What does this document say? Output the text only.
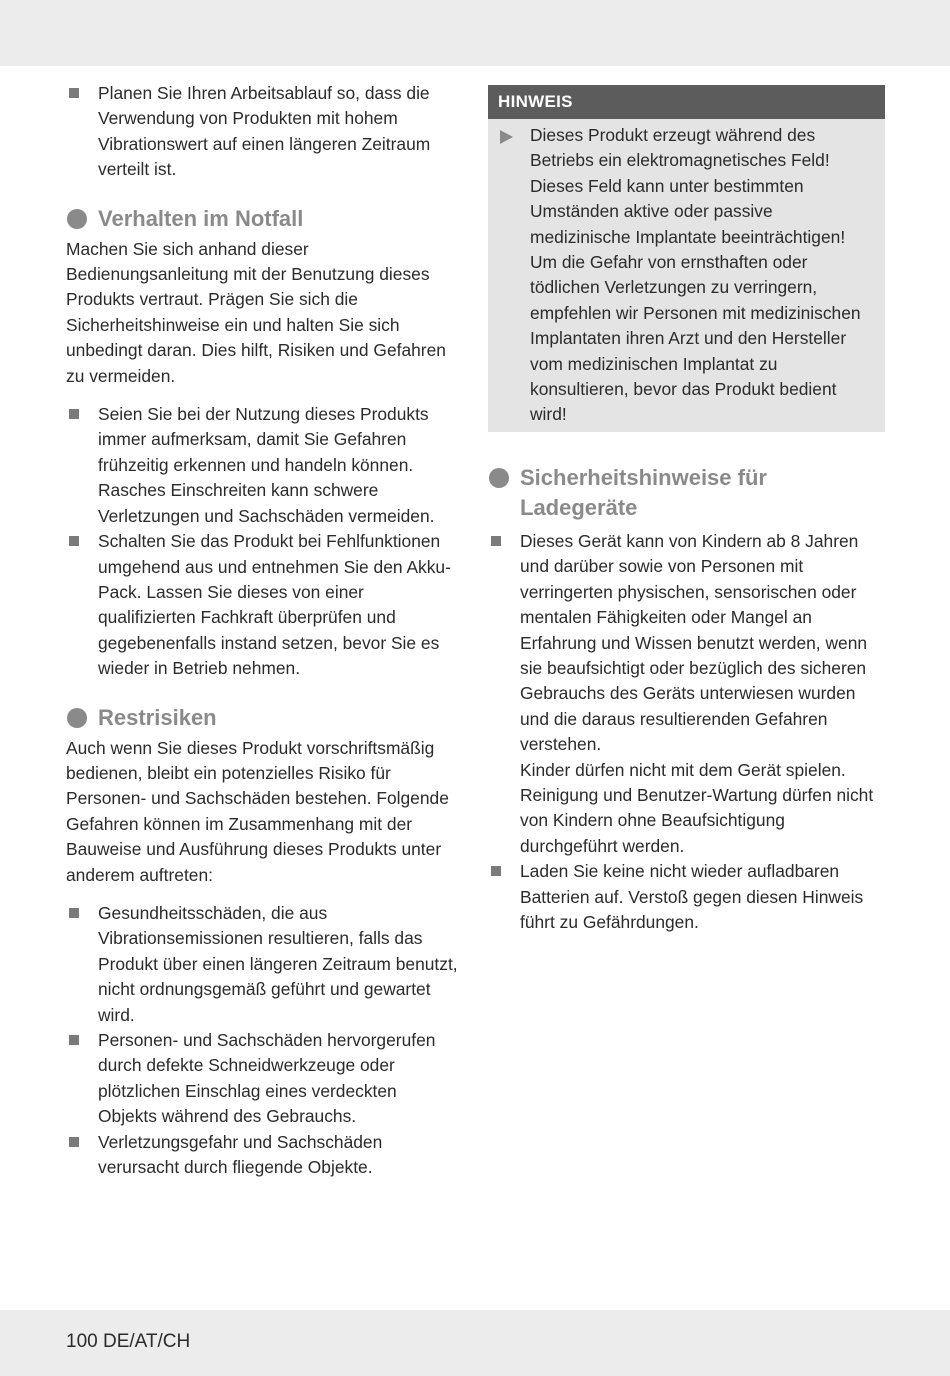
Planen Sie Ihren Arbeitsablauf so, dass die Verwendung von Produkten mit hohem Vibrationswert auf einen längeren Zeitraum verteilt ist.
Verhalten im Notfall

Machen Sie sich anhand dieser Bedienungsanleitung mit der Benutzung dieses Produkts vertraut. Prägen Sie sich die Sicherheitshinweise ein und halten Sie sich unbedingt daran. Dies hilft, Risiken und Gefahren zu vermeiden.

Seien Sie bei der Nutzung dieses Produkts immer aufmerksam, damit Sie Gefahren frühzeitig erkennen und handeln können. Rasches Einschreiten kann schwere Verletzungen und Sachschäden vermeiden.
Schalten Sie das Produkt bei Fehlfunktionen umgehend aus und entnehmen Sie den Akku-Pack. Lassen Sie dieses von einer qualifizierten Fachkraft überprüfen und gegebenenfalls instand setzen, bevor Sie es wieder in Betrieb nehmen.
Restrisiken

Auch wenn Sie dieses Produkt vorschriftsmäßig bedienen, bleibt ein potenzielles Risiko für Personen- und Sachschäden bestehen. Folgende Gefahren können im Zusammenhang mit der Bauweise und Ausführung dieses Produkts unter anderem auftreten:

Gesundheitsschäden, die aus Vibrationsemissionen resultieren, falls das Produkt über einen längeren Zeitraum benutzt, nicht ordnungsgemäß geführt und gewartet wird.
Personen- und Sachschäden hervorgerufen durch defekte Schneidwerkzeuge oder plötzlichen Einschlag eines verdeckten Objekts während des Gebrauchs.
Verletzungsgefahr und Sachschäden verursacht durch fliegende Objekte.
HINWEIS
Dieses Produkt erzeugt während des Betriebs ein elektromagnetisches Feld! Dieses Feld kann unter bestimmten Umständen aktive oder passive medizinische Implantate beeinträchtigen! Um die Gefahr von ernsthaften oder tödlichen Verletzungen zu verringern, empfehlen wir Personen mit medizinischen Implantaten ihren Arzt und den Hersteller vom medizinischen Implantat zu konsultieren, bevor das Produkt bedient wird!
Sicherheitshinweise für
Ladegeräte
Dieses Gerät kann von Kindern ab 8 Jahren und darüber sowie von Personen mit verringerten physischen, sensorischen oder mentalen Fähigkeiten oder Mangel an Erfahrung und Wissen benutzt werden, wenn sie beaufsichtigt oder bezüglich des sicheren Gebrauchs des Geräts unterwiesen wurden und die daraus resultierenden Gefahren verstehen.
Kinder dürfen nicht mit dem Gerät spielen.
Reinigung und Benutzer-Wartung dürfen nicht von Kindern ohne Beaufsichtigung durchgeführt werden.
Laden Sie keine nicht wieder aufladbaren Batterien auf. Verstoß gegen diesen Hinweis führt zu Gefährdungen.
100 DE/AT/CH
